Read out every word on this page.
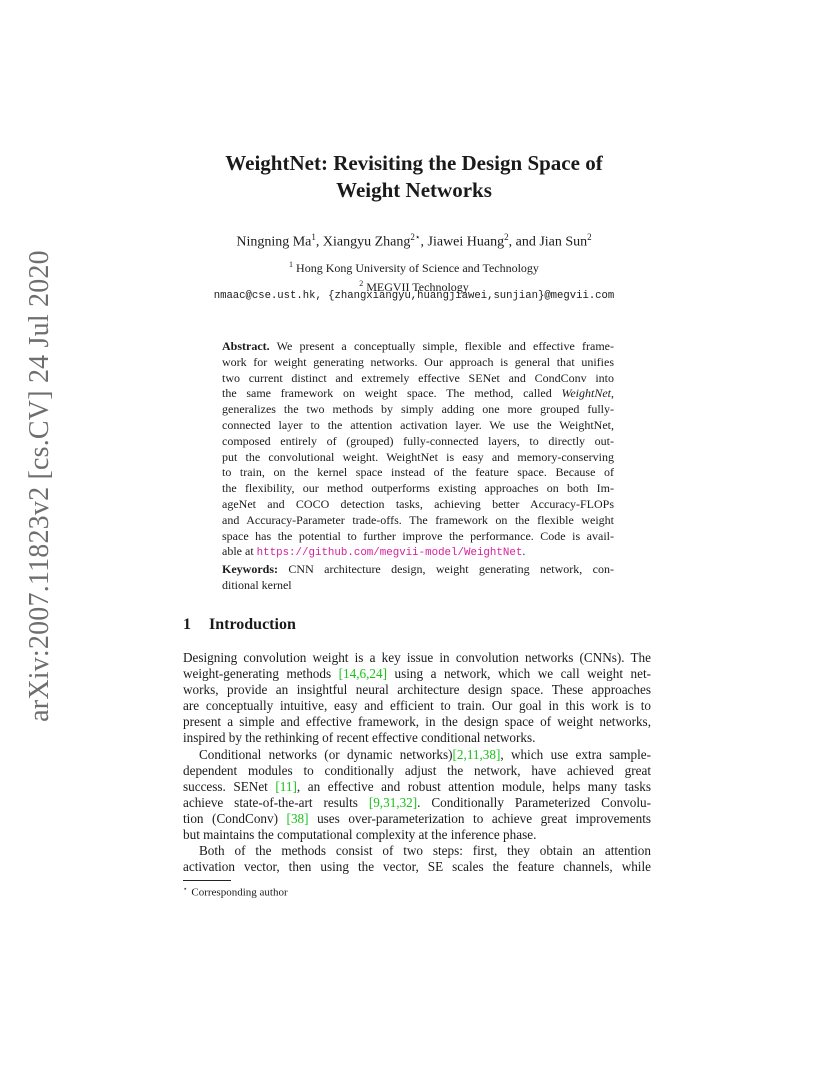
arXiv:2007.11823v2 [cs.CV] 24 Jul 2020
WeightNet: Revisiting the Design Space of
Weight Networks
Ningning Ma$^1$, Xiangyu Zhang$^{2⋆}$, Jiawei Huang$^2$, and Jian Sun$^2$
$^1$ Hong Kong University of Science and Technology
$^2$ MEGVII Technology
nmaac@cse.ust.hk, {zhangxiangyu,huangjiawei,sunjian}@megvii.com
Abstract. We present a conceptually simple, flexible and effective frame-
work for weight generating networks. Our approach is general that unifies
two current distinct and extremely effective SENet and CondConv into
the same framework on weight space. The method, called WeightNet,
generalizes the two methods by simply adding one more grouped fully-
connected layer to the attention activation layer. We use the WeightNet,
composed entirely of (grouped) fully-connected layers, to directly out-
put the convolutional weight. WeightNet is easy and memory-conserving
to train, on the kernel space instead of the feature space. Because of
the flexibility, our method outperforms existing approaches on both Im-
ageNet and COCO detection tasks, achieving better Accuracy-FLOPs
and Accuracy-Parameter trade-offs. The framework on the flexible weight
space has the potential to further improve the performance. Code is avail-
able at https://github.com/megvii-model/WeightNet.
Keywords: CNN architecture design, weight generating network, con-
ditional kernel
1 Introduction
Designing convolution weight is a key issue in convolution networks (CNNs). The
weight-generating methods [14,6,24] using a network, which we call weight net-
works, provide an insightful neural architecture design space. These approaches
are conceptually intuitive, easy and efficient to train. Our goal in this work is to
present a simple and effective framework, in the design space of weight networks,
inspired by the rethinking of recent effective conditional networks.
Conditional networks (or dynamic networks)[2,11,38], which use extra sample-
dependent modules to conditionally adjust the network, have achieved great
success. SENet [11], an effective and robust attention module, helps many tasks
achieve state-of-the-art results [9,31,32]. Conditionally Parameterized Convolu-
tion (CondConv) [38] uses over-parameterization to achieve great improvements
but maintains the computational complexity at the inference phase.
Both of the methods consist of two steps: first, they obtain an attention
activation vector, then using the vector, SE scales the feature channels, while
⋆ Corresponding author
